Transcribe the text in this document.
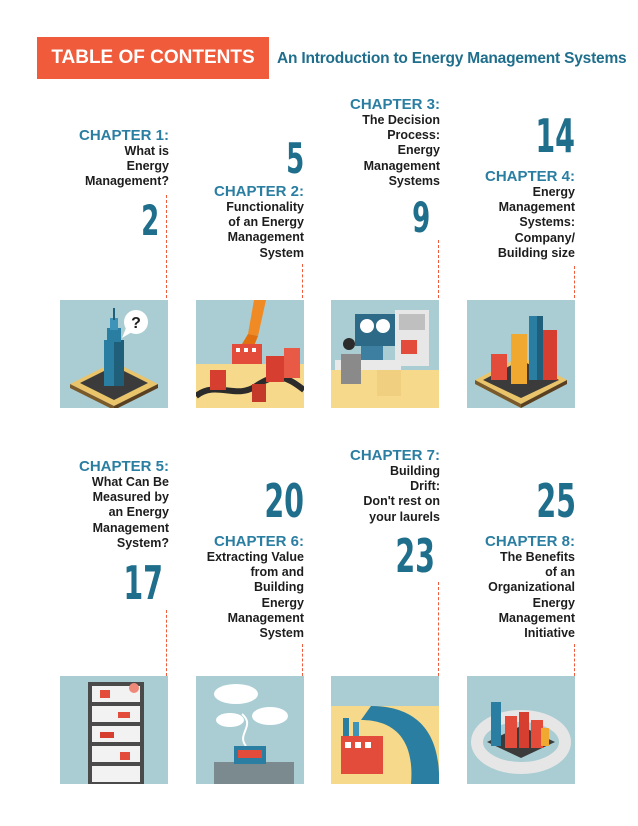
TABLE OF CONTENTS	An Introduction to Energy Management Systems
CHAPTER 1:
What is
Energy
Management?
2
5
CHAPTER 2:
Functionality
of an Energy
Management
System
CHAPTER 3:
The Decision
Process:
Energy
Management
Systems
9
14
CHAPTER 4:
Energy
Management
Systems:
Company/
Building size
CHAPTER 5:
What Can Be
Measured by
an Energy
Management
System?
17
20
CHAPTER 6:
Extracting Value
from and
Building
Energy
Management
System
CHAPTER 7:
Building
Drift:
Don't rest on
your laurels
23
25
CHAPTER 8:
The Benefits
of an
Organizational
Energy
Management
Initiative
?
